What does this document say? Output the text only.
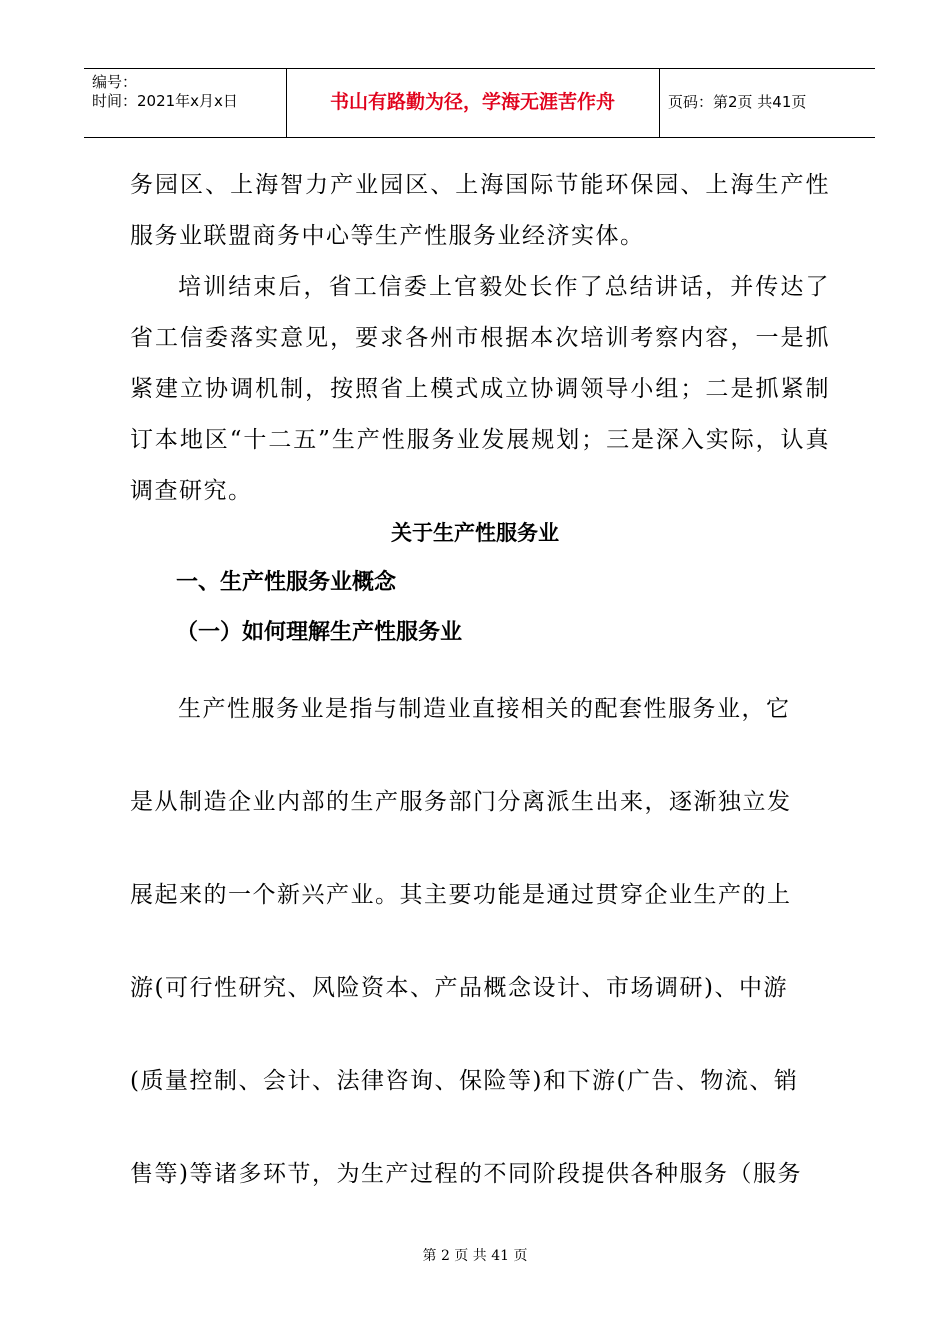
编号：
时间：2021年x月x日	书山有路勤为径，学海无涯苦作舟	页码：第2页 共41页
务园区、上海智力产业园区、上海国际节能环保园、上海生产性服务业联盟商务中心等生产性服务业经济实体。
培训结束后，省工信委上官毅处长作了总结讲话，并传达了省工信委落实意见，要求各州市根据本次培训考察内容，一是抓紧建立协调机制，按照省上模式成立协调领导小组；二是抓紧制订本地区“十二五”生产性服务业发展规划；三是深入实际，认真调查研究。
关于生产性服务业
一、生产性服务业概念
（一）如何理解生产性服务业
生产性服务业是指与制造业直接相关的配套性服务业，它
是从制造企业内部的生产服务部门分离派生出来，逐渐独立发
展起来的一个新兴产业。其主要功能是通过贯穿企业生产的上
游(可行性研究、风险资本、产品概念设计、市场调研)、中游
(质量控制、会计、法律咨询、保险等)和下游(广告、物流、销
售等)等诸多环节，为生产过程的不同阶段提供各种服务（服务
第 2 页 共 41 页
